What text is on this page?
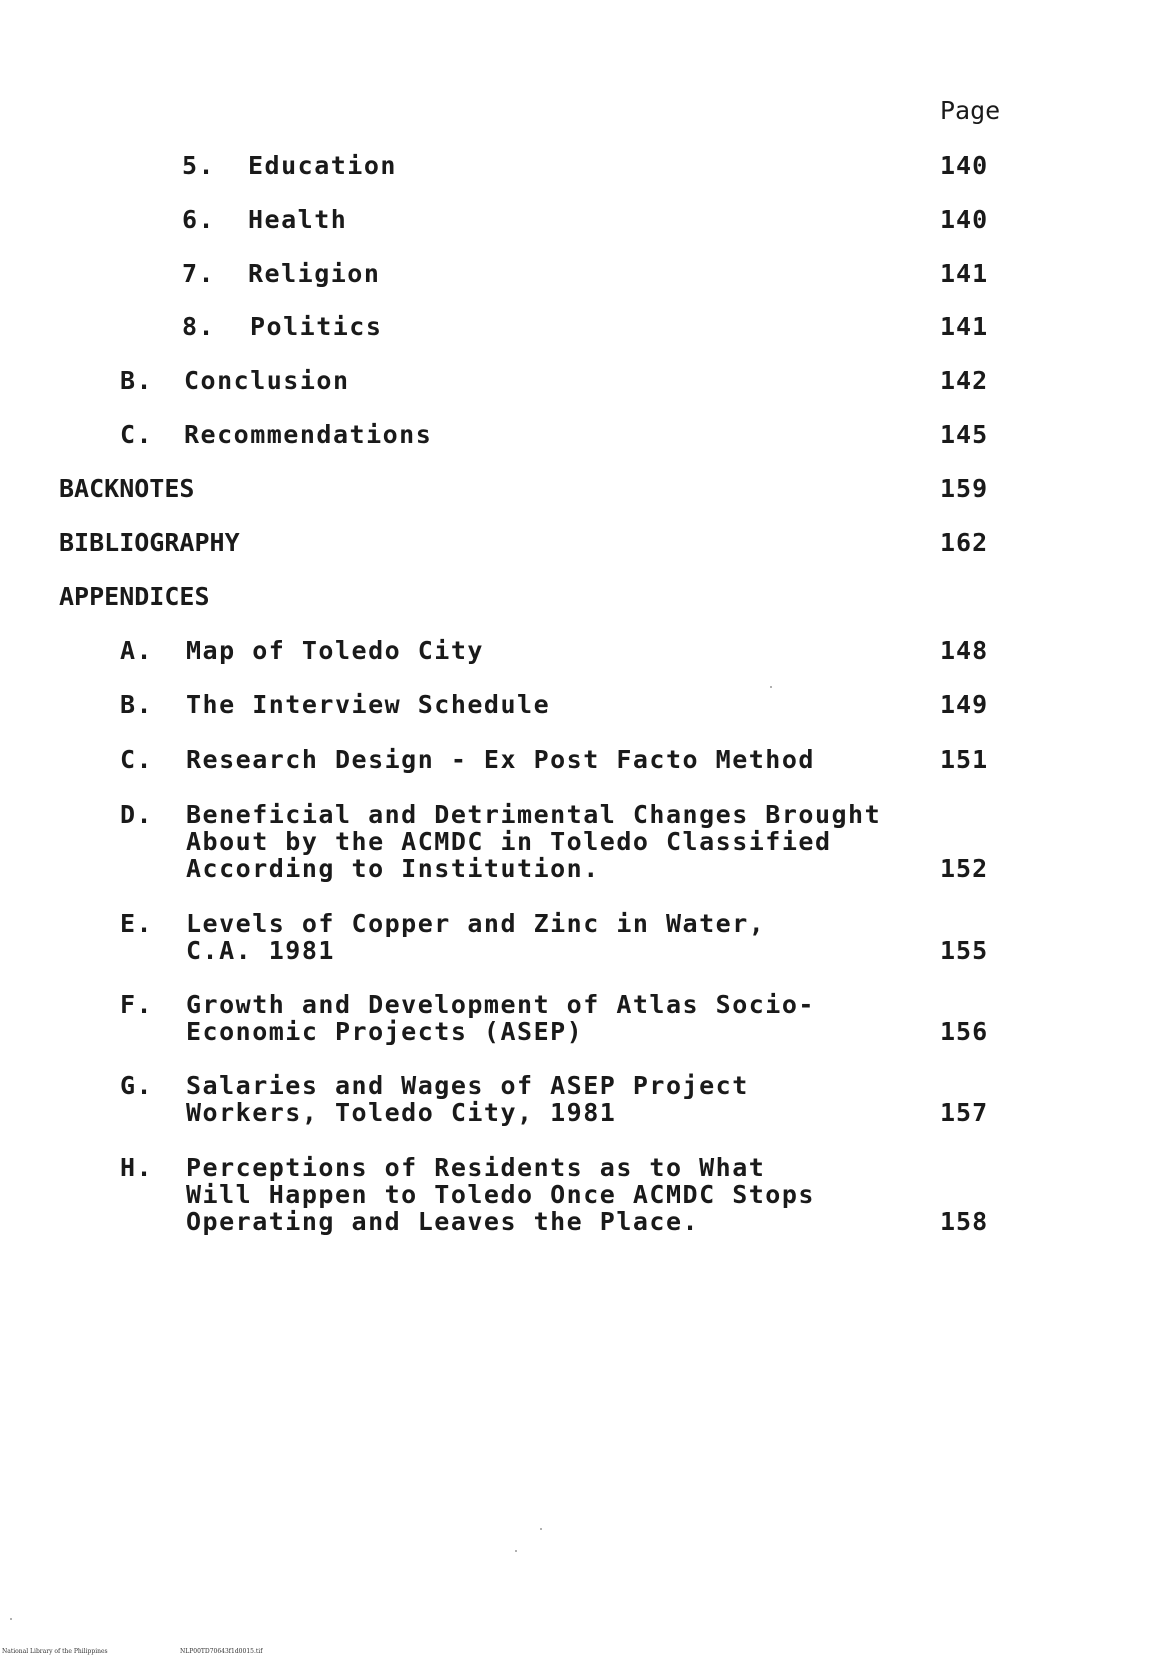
Page
5. Education	140
6. Health	140
7. Religion	141
8. Politics	141
B. Conclusion	142
C. Recommendations	145
BACKNOTES	159
BIBLIOGRAPHY	162
APPENDICES
A. Map of Toledo City	148
B. The Interview Schedule	149
C. Research Design - Ex Post Facto Method	151
D. Beneficial and Detrimental Changes Brought
About by the ACMDC in Toledo Classified
According to Institution.	152
E. Levels of Copper and Zinc in Water,
C.A. 1981	155
F. Growth and Development of Atlas Socio-
Economic Projects (ASEP)	156
G. Salaries and Wages of ASEP Project
Workers, Toledo City, 1981	157
H. Perceptions of Residents as to What
Will Happen to Toledo Once ACMDC Stops
Operating and Leaves the Place.	158
National Library of the Philippines	NLP00TD70643f1d0015.tif
